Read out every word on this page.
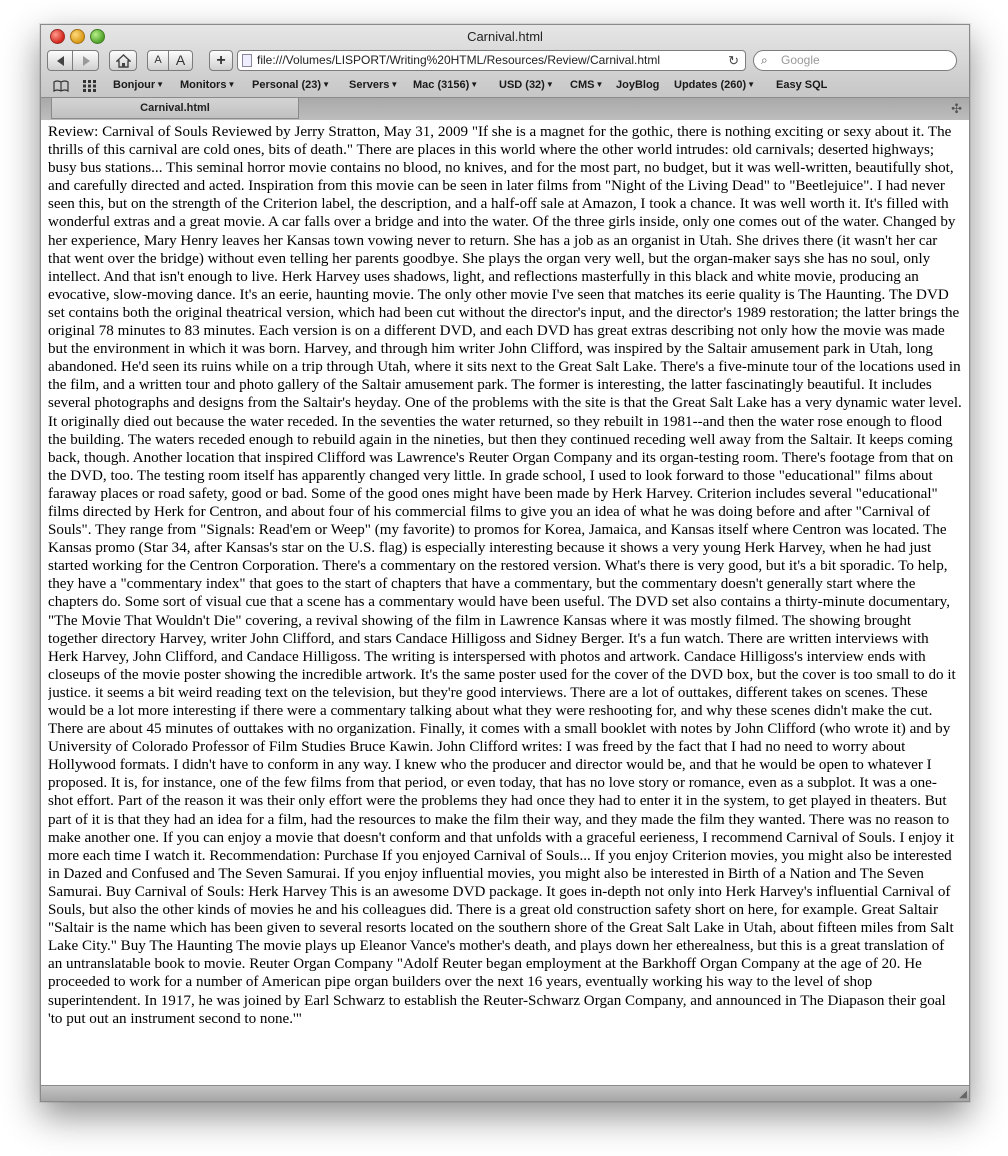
Carnival.html
A	A	+	file:///Volumes/LISPORT/Writing%20HTML/Resources/Review/Carnival.html	↻ ⌕ Google
Bonjour▼ Monitors▼ Personal (23)▼ Servers▼ Mac (3156)▼ USD (32)▼ CMS▼ JoyBlog Updates (260)▼ Easy SQL
Carnival.html	✣

Review: Carnival of Souls Reviewed by Jerry Stratton, May 31, 2009 "If she is a magnet for the gothic, there is nothing exciting or sexy about it. The thrills of this carnival are cold ones, bits of death." There are places in this world where the other world intrudes: old carnivals; deserted highways; busy bus stations... This seminal horror movie contains no blood, no knives, and for the most part, no budget, but it was well-written, beautifully shot, and carefully directed and acted. Inspiration from this movie can be seen in later films from "Night of the Living Dead" to "Beetlejuice". I had never seen this, but on the strength of the Criterion label, the description, and a half-off sale at Amazon, I took a chance. It was well worth it. It's filled with wonderful extras and a great movie. A car falls over a bridge and into the water. Of the three girls inside, only one comes out of the water. Changed by her experience, Mary Henry leaves her Kansas town vowing never to return. She has a job as an organist in Utah. She drives there (it wasn't her car that went over the bridge) without even telling her parents goodbye. She plays the organ very well, but the organ-maker says she has no soul, only intellect. And that isn't enough to live. Herk Harvey uses shadows, light, and reflections masterfully in this black and white movie, producing an evocative, slow-moving dance. It's an eerie, haunting movie. The only other movie I've seen that matches its eerie quality is The Haunting. The DVD set contains both the original theatrical version, which had been cut without the director's input, and the director's 1989 restoration; the latter brings the original 78 minutes to 83 minutes. Each version is on a different DVD, and each DVD has great extras describing not only how the movie was made but the environment in which it was born. Harvey, and through him writer John Clifford, was inspired by the Saltair amusement park in Utah, long abandoned. He'd seen its ruins while on a trip through Utah, where it sits next to the Great Salt Lake. There's a five-minute tour of the locations used in the film, and a written tour and photo gallery of the Saltair amusement park. The former is interesting, the latter fascinatingly beautiful. It includes several photographs and designs from the Saltair's heyday. One of the problems with the site is that the Great Salt Lake has a very dynamic water level. It originally died out because the water receded. In the seventies the water returned, so they rebuilt in 1981--and then the water rose enough to flood the building. The waters receded enough to rebuild again in the nineties, but then they continued receding well away from the Saltair. It keeps coming back, though. Another location that inspired Clifford was Lawrence's Reuter Organ Company and its organ-testing room. There's footage from that on the DVD, too. The testing room itself has apparently changed very little. In grade school, I used to look forward to those "educational" films about faraway places or road safety, good or bad. Some of the good ones might have been made by Herk Harvey. Criterion includes several "educational" films directed by Herk for Centron, and about four of his commercial films to give you an idea of what he was doing before and after "Carnival of Souls". They range from "Signals: Read'em or Weep" (my favorite) to promos for Korea, Jamaica, and Kansas itself where Centron was located. The Kansas promo (Star 34, after Kansas's star on the U.S. flag) is especially interesting because it shows a very young Herk Harvey, when he had just started working for the Centron Corporation. There's a commentary on the restored version. What's there is very good, but it's a bit sporadic. To help, they have a "commentary index" that goes to the start of chapters that have a commentary, but the commentary doesn't generally start where the chapters do. Some sort of visual cue that a scene has a commentary would have been useful. The DVD set also contains a thirty-minute documentary, "The Movie That Wouldn't Die" covering, a revival showing of the film in Lawrence Kansas where it was mostly filmed. The showing brought together directory Harvey, writer John Clifford, and stars Candace Hilligoss and Sidney Berger. It's a fun watch. There are written interviews with Herk Harvey, John Clifford, and Candace Hilligoss. The writing is interspersed with photos and artwork. Candace Hilligoss's interview ends with closeups of the movie poster showing the incredible artwork. It's the same poster used for the cover of the DVD box, but the cover is too small to do it justice. it seems a bit weird reading text on the television, but they're good interviews. There are a lot of outtakes, different takes on scenes. These would be a lot more interesting if there were a commentary talking about what they were reshooting for, and why these scenes didn't make the cut. There are about 45 minutes of outtakes with no organization. Finally, it comes with a small booklet with notes by John Clifford (who wrote it) and by University of Colorado Professor of Film Studies Bruce Kawin. John Clifford writes: I was freed by the fact that I had no need to worry about Hollywood formats. I didn't have to conform in any way. I knew who the producer and director would be, and that he would be open to whatever I proposed. It is, for instance, one of the few films from that period, or even today, that has no love story or romance, even as a subplot. It was a one-shot effort. Part of the reason it was their only effort were the problems they had once they had to enter it in the system, to get played in theaters. But part of it is that they had an idea for a film, had the resources to make the film their way, and they made the film they wanted. There was no reason to make another one. If you can enjoy a movie that doesn't conform and that unfolds with a graceful eerieness, I recommend Carnival of Souls. I enjoy it more each time I watch it. Recommendation: Purchase If you enjoyed Carnival of Souls... If you enjoy Criterion movies, you might also be interested in Dazed and Confused and The Seven Samurai. If you enjoy influential movies, you might also be interested in Birth of a Nation and The Seven Samurai. Buy Carnival of Souls: Herk Harvey This is an awesome DVD package. It goes in-depth not only into Herk Harvey's influential Carnival of Souls, but also the other kinds of movies he and his colleagues did. There is a great old construction safety short on here, for example. Great Saltair "Saltair is the name which has been given to several resorts located on the southern shore of the Great Salt Lake in Utah, about fifteen miles from Salt Lake City." Buy The Haunting The movie plays up Eleanor Vance's mother's death, and plays down her etherealness, but this is a great translation of an untranslatable book to movie. Reuter Organ Company "Adolf Reuter began employment at the Barkhoff Organ Company at the age of 20. He proceeded to work for a number of American pipe organ builders over the next 16 years, eventually working his way to the level of shop superintendent. In 1917, he was joined by Earl Schwarz to establish the Reuter-Schwarz Organ Company, and announced in The Diapason their goal 'to put out an instrument second to none.'"

◢
